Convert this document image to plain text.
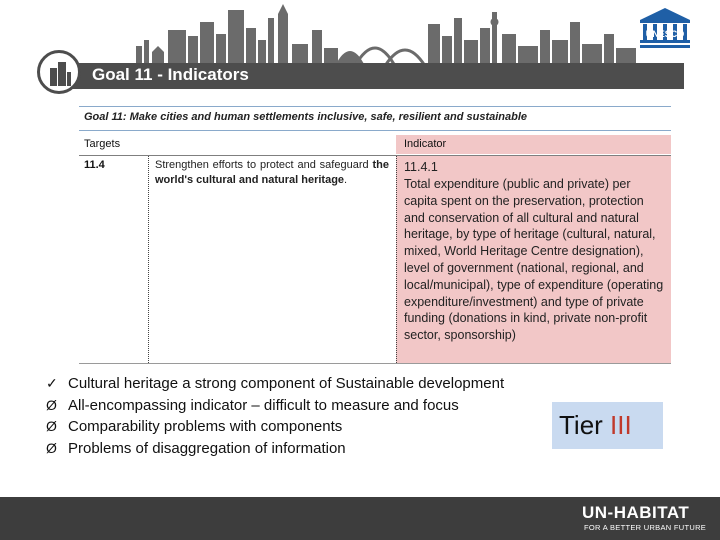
UNESCO
Goal 11 - Indicators
Goal 11: Make cities and human settlements inclusive, safe, resilient and sustainable
Targets	Indicator
11.4	Strengthen efforts to protect and safeguard the world's cultural and natural heritage.
11.4.1
Total expenditure (public and private) per capita spent on the preservation, protection and conservation of all cultural and natural heritage, by type of heritage (cultural, natural, mixed, World Heritage Centre designation), level of government (national, regional, and local/municipal), type of expenditure (operating expenditure/investment) and type of private funding (donations in kind, private non-profit sector, sponsorship)
✓ Cultural heritage a strong component of Sustainable development
Ø All-encompassing indicator – difficult to measure and focus
Ø Comparability problems with components
Ø Problems of disaggregation of information
Tier III
UN-HABITAT
FOR A BETTER URBAN FUTURE
